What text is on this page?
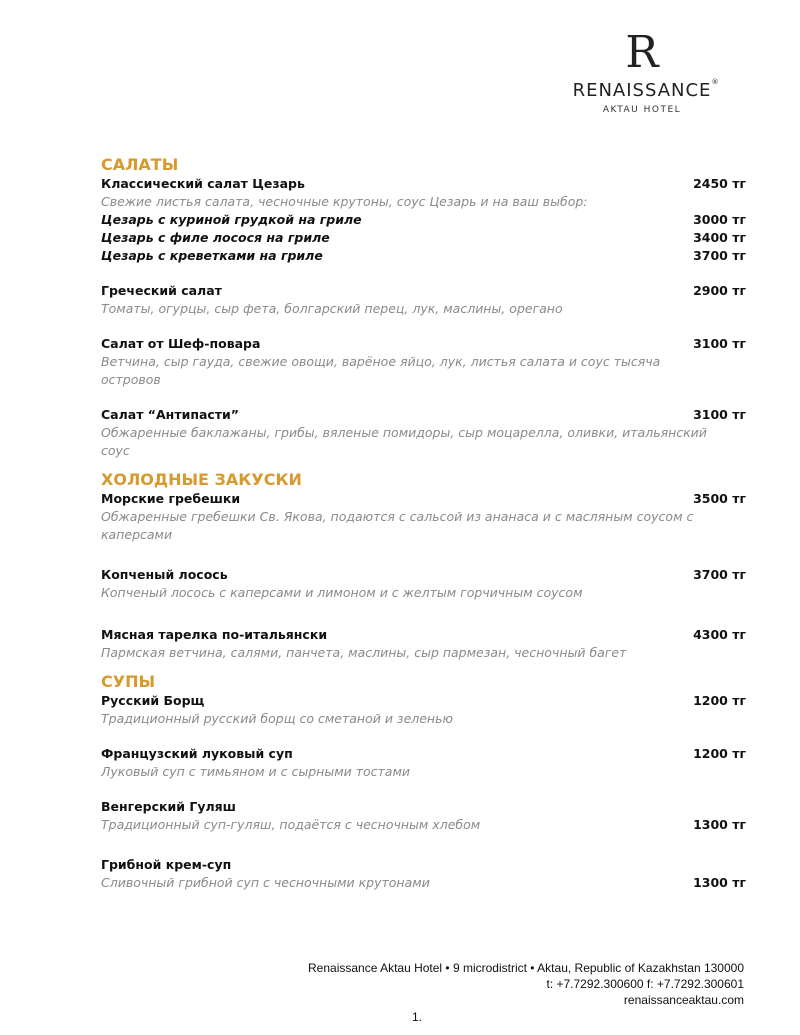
R
RENAISSANCE ®
AKTAU HOTEL
САЛАТЫ
Классический салат Цезарь	2450 тг
Свежие листья салата, чесночные крутоны, соус Цезарь и на ваш выбор:
Цезарь с куриной грудкой на гриле	3000 тг
Цезарь с филе лосося на гриле	3400 тг
Цезарь с креветками на гриле	3700 тг
Греческий салат	2900 тг
Томаты, огурцы, сыр фета, болгарский перец, лук, маслины, орегано
Салат от Шеф-повара	3100 тг
Ветчина, сыр гауда, свежие овощи, варёное яйцо, лук, листья салата и соус тысяча островов
Салат “Антипасти”	3100 тг
Обжаренные баклажаны, грибы, вяленые помидоры, сыр моцарелла, оливки, итальянский соус
ХОЛОДНЫЕ ЗАКУСКИ
Морские гребешки	3500 тг
Обжаренные гребешки Св. Якова, подаются с сальсой из ананаса и с масляным соусом с каперсами
Копченый лосось	3700 тг
Копченый лосось с каперсами и лимоном и с желтым горчичным соусом
Мясная тарелка по-итальянски	4300 тг
Пармская ветчина, салями, панчета, маслины, сыр пармезан, чесночный багет
СУПЫ
Русский Борщ	1200 тг
Традиционный русский борщ со сметаной и зеленью
Французский луковый суп	1200 тг
Луковый суп с тимьяном и с сырными тостами
Венгерский Гуляш
Традиционный суп-гуляш, подаётся с чесночным хлебом	1300 тг
Грибной крем-суп
Сливочный грибной суп с чесночными крутонами	1300 тг
Renaissance Aktau Hotel • 9 microdistrict • Aktau, Republic of Kazakhstan 130000
t: +7.7292.300600 f: +7.7292.300601
renaissanceaktau.com
1.
